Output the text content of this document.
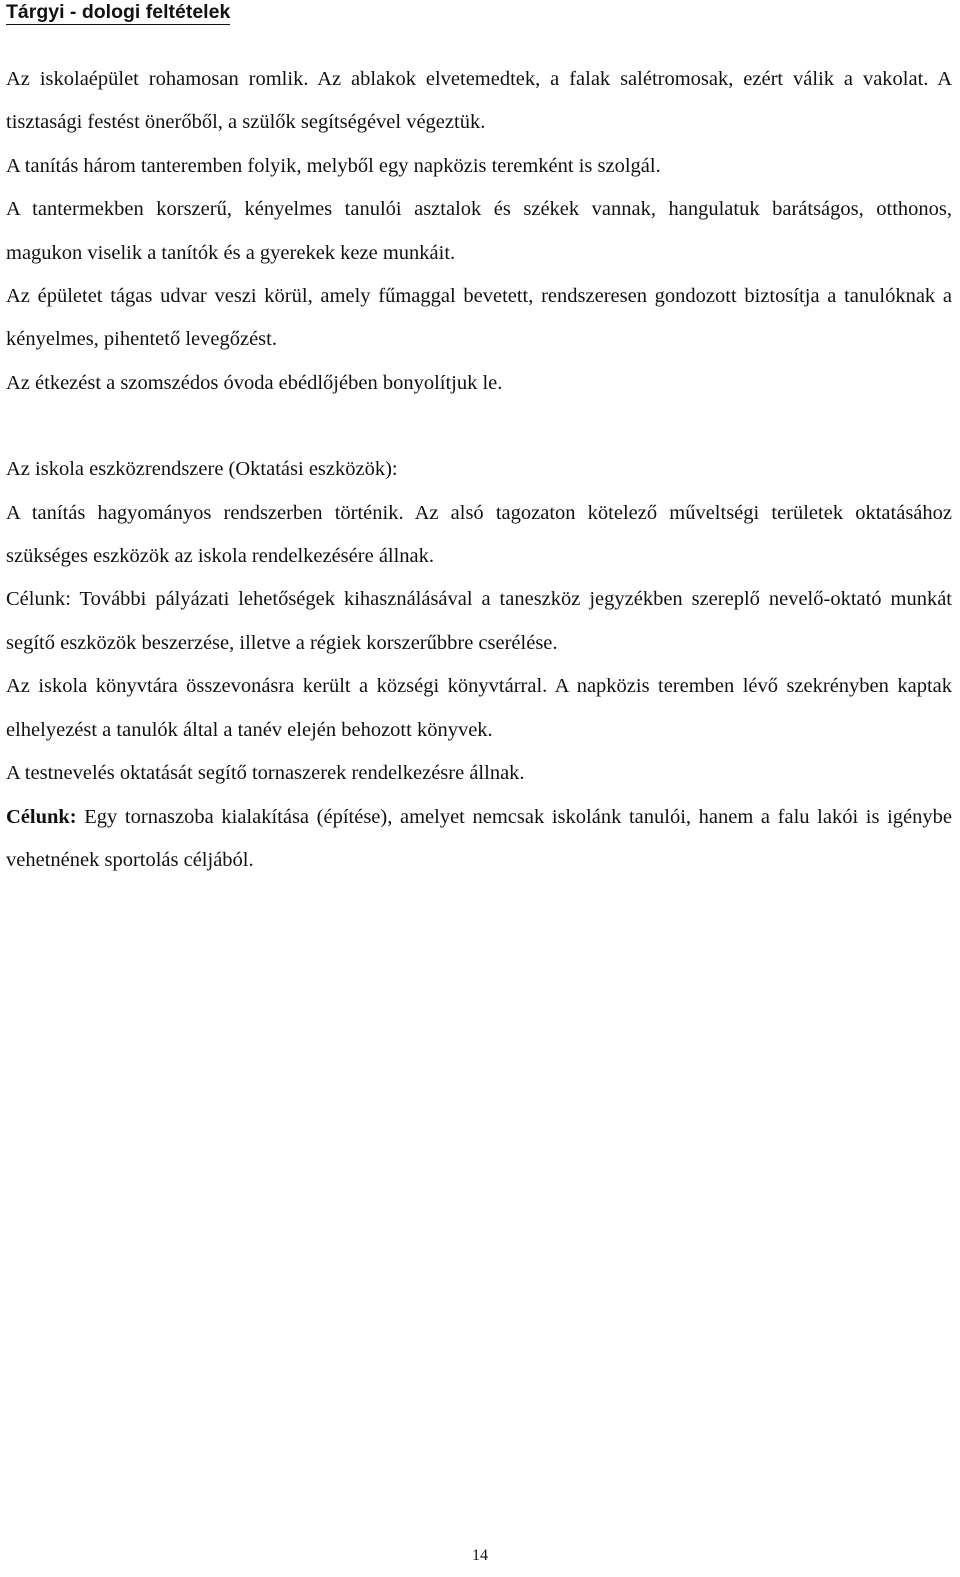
Tárgyi - dologi feltételek

Az iskolaépület rohamosan romlik. Az ablakok elvetemedtek, a falak salétromosak, ezért válik a vakolat. A tisztasági festést önerőből, a szülők segítségével végeztük.

A tanítás három tanteremben folyik, melyből egy napközis teremként is szolgál.

A tantermekben korszerű, kényelmes tanulói asztalok és székek vannak, hangulatuk barátságos, otthonos, magukon viselik a tanítók és a gyerekek keze munkáit.

Az épületet tágas udvar veszi körül, amely fűmaggal bevetett, rendszeresen gondozott biztosítja a tanulóknak a kényelmes, pihentető levegőzést.

Az étkezést a szomszédos óvoda ebédlőjében bonyolítjuk le.

Az iskola eszközrendszere (Oktatási eszközök):

A tanítás hagyományos rendszerben történik. Az alsó tagozaton kötelező műveltségi területek oktatásához szükséges eszközök az iskola rendelkezésére állnak.

Célunk: További pályázati lehetőségek kihasználásával a taneszköz jegyzékben szereplő nevelő-oktató munkát segítő eszközök beszerzése, illetve a régiek korszerűbbre cserélése.

Az iskola könyvtára összevonásra került a községi könyvtárral. A napközis teremben lévő szekrényben kaptak elhelyezést a tanulók által a tanév elején behozott könyvek.

A testnevelés oktatását segítő tornaszerek rendelkezésre állnak.

Célunk: Egy tornaszoba kialakítása (építése), amelyet nemcsak iskolánk tanulói, hanem a falu lakói is igénybe vehetnének sportolás céljából.

14
